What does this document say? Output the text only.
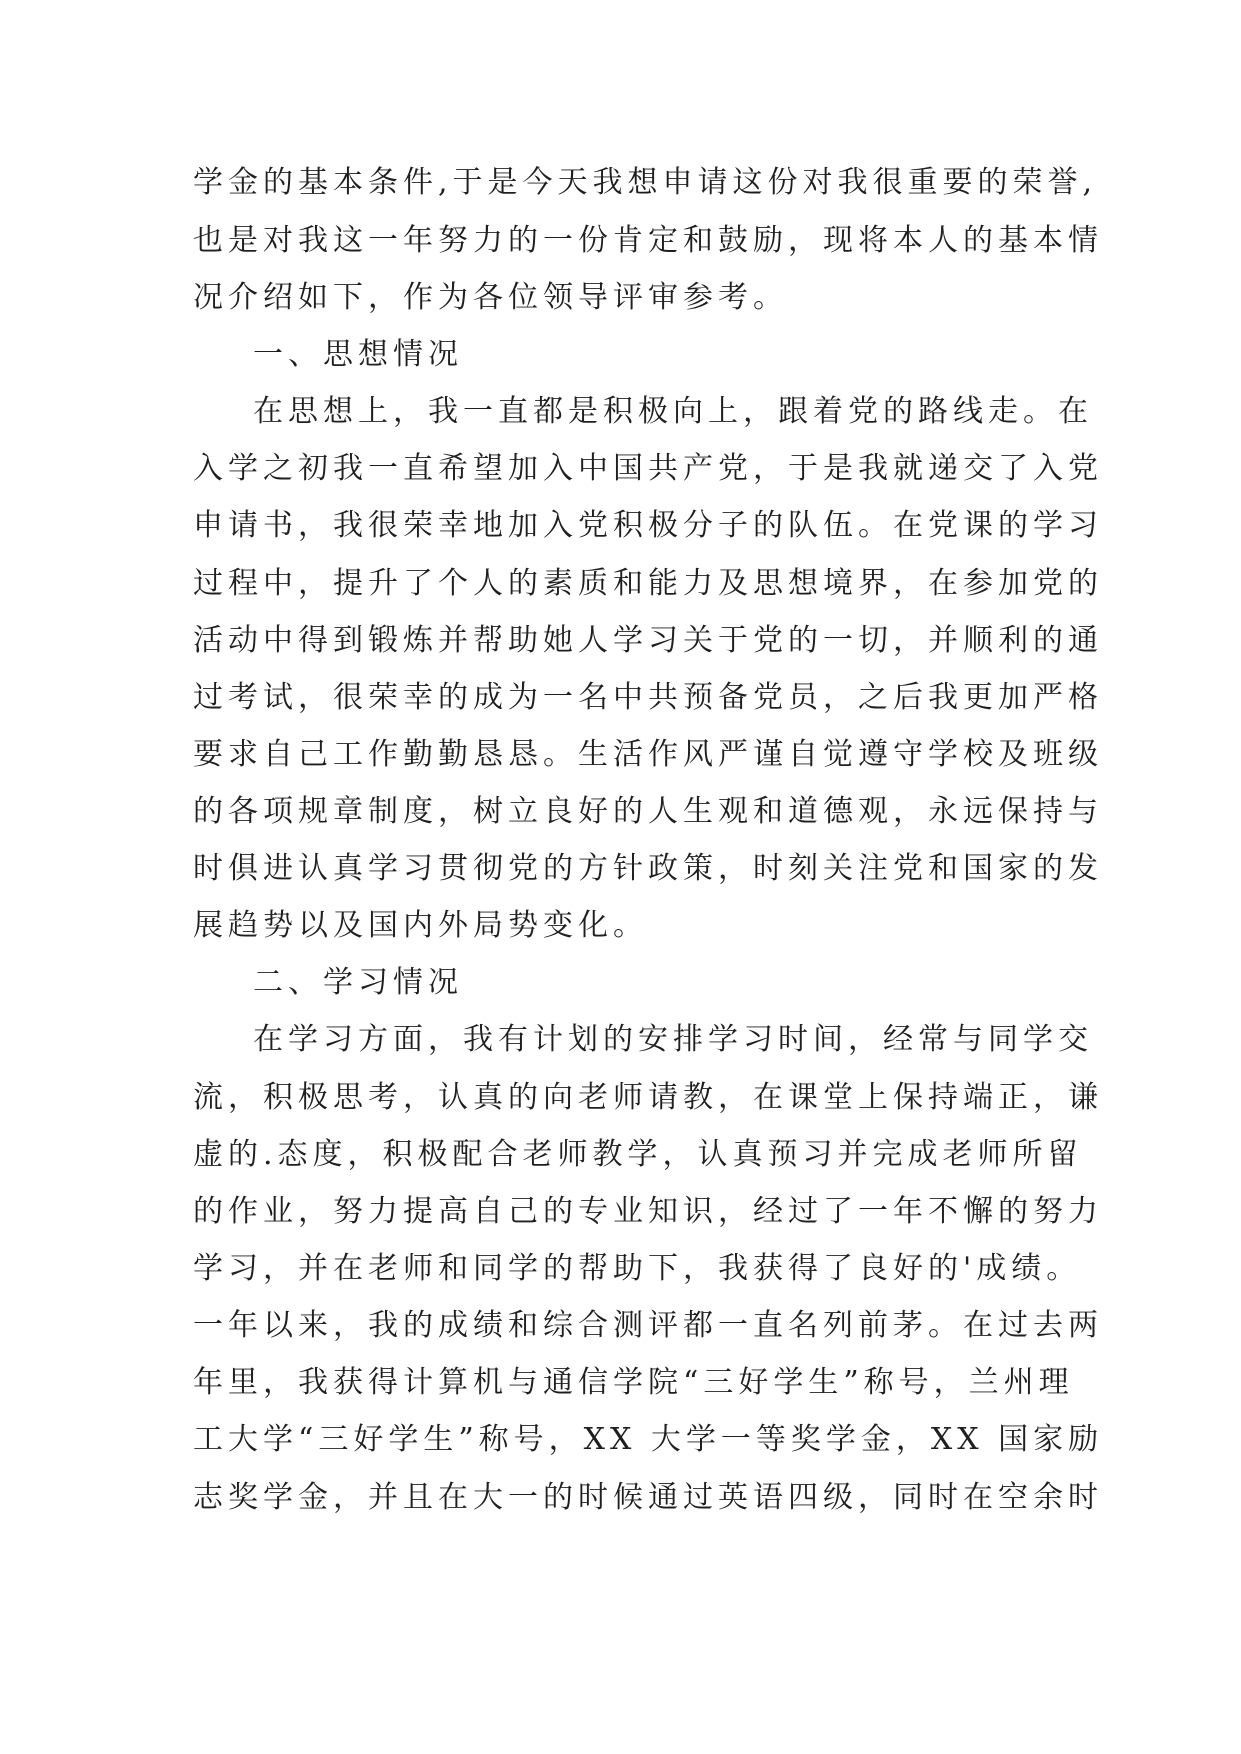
学金的基本条件,于是今天我想申请这份对我很重要的荣誉,
也是对我这一年努力的一份肯定和鼓励，现将本人的基本情
况介绍如下，作为各位领导评审参考。
一、思想情况
在思想上，我一直都是积极向上，跟着党的路线走。在
入学之初我一直希望加入中国共产党，于是我就递交了入党
申请书，我很荣幸地加入党积极分子的队伍。在党课的学习
过程中，提升了个人的素质和能力及思想境界，在参加党的
活动中得到锻炼并帮助她人学习关于党的一切，并顺利的通
过考试，很荣幸的成为一名中共预备党员，之后我更加严格
要求自己工作勤勤恳恳。生活作风严谨自觉遵守学校及班级
的各项规章制度，树立良好的人生观和道德观，永远保持与
时俱进认真学习贯彻党的方针政策，时刻关注党和国家的发
展趋势以及国内外局势变化。
二、学习情况
在学习方面，我有计划的安排学习时间，经常与同学交
流，积极思考，认真的向老师请教，在课堂上保持端正，谦
虚的.态度，积极配合老师教学，认真预习并完成老师所留
的作业，努力提高自己的专业知识，经过了一年不懈的努力
学习，并在老师和同学的帮助下，我获得了良好的'成绩。
一年以来，我的成绩和综合测评都一直名列前茅。在过去两
年里，我获得计算机与通信学院“三好学生”称号，兰州理
工大学“三好学生”称号，XX 大学一等奖学金，XX 国家励
志奖学金，并且在大一的时候通过英语四级，同时在空余时
